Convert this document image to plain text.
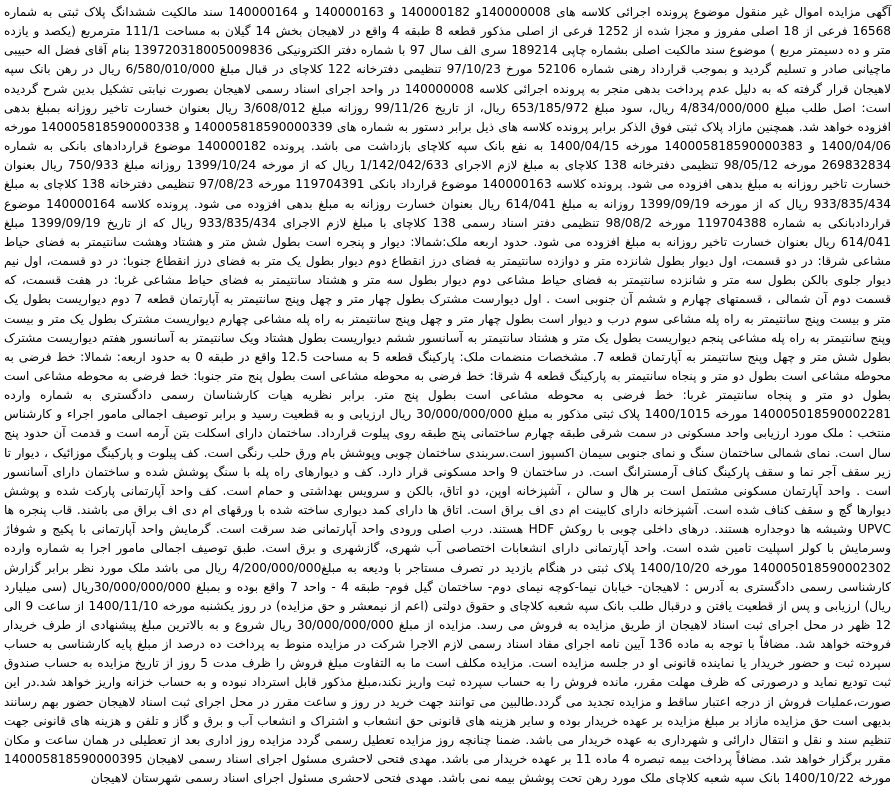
آگهی مزایده اموال غیر منقول موضوع پرونده اجرائی کلاسه های 140000008و 140000182 و 140000163 و 140000164 سند مالکیت ششدانگ پلاک ثبتی به شماره 16568 فرعی از 18 اصلی مفروز و مجزا شده از 1252 فرعی از اصلی مذکور قطعه 8 طبقه 4 واقع در لاهیجان بخش 14 گیلان به مساحت 111/1 مترمربع (یکصد و یازده متر و ده دسیمتر مربع ) موضوع سند مالکیت اصلی بشماره چاپی 189214 سری الف سال 97 با شماره دفتر الکترونیکی 139720318005009836 بنام آقای فضل اله حبیبی ماچیانی صادر و تسلیم گردید و بموجب قرارداد رهنی شماره 52106 مورخ 97/10/23 تنظیمی دفترخانه 122 کلاچای در قبال مبلغ 6/580/010/000 ریال در رهن بانک سپه لاهیجان قرار گرفته که به دلیل عدم پرداخت بدهی منجر به پرونده اجرائی کلاسه 140000008 در واحد اجرای اسناد رسمی لاهیجان بصورت نیابتی تشکیل بدین شرح گردیده است: اصل طلب مبلغ 4/834/000/000 ریال، سود مبلغ 653/185/972 ریال، از تاریخ 99/11/26 روزانه مبلغ 3/608/012 ریال بعنوان خسارت تاخیر روزانه بمبلغ بدهی افزوده خواهد شد. همچنین مازاد پلاک ثبتی فوق الذکر برابر پرونده کلاسه های ذیل برابر دستور به شماره های 140005818590000339 و 140005818590000338 مورخه 1400/04/06 و 140005818590000383 مورخه 1400/04/15 به نفع بانک سپه کلاچای بازداشت می باشد. پرونده 140000182 موضوع قراردادهای بانکی به شماره 269832834 مورخه 98/05/12 تنظیمی دفترخانه 138 کلاچای به مبلغ لازم الاجرای 1/142/042/633 ریال که از مورخه 1399/10/24 روزانه مبلغ 750/933 ریال بعنوان خسارت تاخیر روزانه به مبلغ بدهی افزوده می شود. پرونده کلاسه 140000163 موضوع قرارداد بانکی 119704391 مورخه 97/08/23 تنظیمی دفترخانه 138 کلاچای به مبلغ 933/835/434 ریال که از مورخه 1399/09/19 روزانه به مبلغ 614/041 ریال بعنوان خسارت روزانه به مبلغ بدهی افزوده می شود. پرونده کلاسه 140000164 موضوع قراردادبانکی به شماره 119704388 مورخه 98/08/2 تنظیمی دفتر اسناد رسمی 138 کلاچای با مبلغ لازم الاجرای 933/835/434 ریال که از تاریخ 1399/09/19 مبلغ 614/041 ریال بعنوان خسارت تاخیر روزانه به مبلغ افزوده می شود. حدود اربعه ملک:شمالا: دیوار و پنجره است بطول شش متر و هشتاد وهشت سانتیمتر به فضای حیاط مشاعی شرقا: در دو قسمت، اول دیوار بطول شانزده متر و دوازده سانتیمتر به فضای درز انقطاع دوم دیوار بطول یک متر به فضای درز انقطاع جنوبا: در دو قسمت، اول نیم دیوار جلوی بالکن بطول سه متر و شانزده سانتیمتر به فضای حیاط مشاعی دوم دیوار بطول سه متر و هشتاد سانتیمتر به فضای حیاط مشاعی غربا: در هفت قسمت، که قسمت دوم آن شمالی ، قسمتهای چهارم و ششم آن جنوبی است . اول دیوارست مشترک بطول چهار متر و چهل وپنج سانتیمتر به آپارتمان قطعه 7 دوم دیواریست بطول یک متر و بیست وپنج سانتیمتر به راه پله مشاعی سوم درب و دیوار است بطول چهار متر و چهل وپنج سانتیمتر به راه پله مشاعی چهارم دیواریست مشترک بطول یک متر و بیست وپنج سانتیمتر به راه پله مشاعی پنجم دیواریست بطول یک متر و هشتاد سانتیمتر به آسانسور ششم دیواریست بطول هشتاد ویک سانتیمتر به آسانسور هفتم دیواریست مشترک بطول شش متر و چهل وپنج سانتیمتر به آپارتمان قطعه 7. مشخصات منضمات ملک: پارکینگ قطعه 5 به مساحت 12.5 واقع در طبقه 0 به حدود اربعه: شمالا: خط فرضی به محوطه مشاعی است بطول دو متر و پنجاه سانتیمتر به پارکینگ قطعه 4 شرقا: خط فرضی به محوطه مشاعی است بطول پنج متر جنوبا: خط فرضی به محوطه مشاعی است بطول دو متر و پنجاه سانتیمتر غربا: خط فرضی به محوطه مشاعی است بطول پنج متر. برابر نظریه هیات کارشناسان رسمی دادگستری به شماره وارده 140005018590002281 مورخه 1400/1015 پلاک ثبتی مذکور به مبلغ 30/000/000/000 ریال ارزیابی و به قطعیت رسید و برابر توصیف اجمالی مامور اجراء و کارشناس منتخب : ملک مورد ارزیابی واحد مسکونی در سمت شرقی طبقه چهارم ساختمانی پنج طبقه روی پیلوت قرارداد. ساختمان دارای اسکلت بتن آرمه است و قدمت آن حدود پنج سال است. نمای شمالی ساختمان سنگ و نمای جنوبی سیمان اکسپوز است.سربندی ساختمان چوبی وپوشش بام ورق حلب رنگی است. کف پیلوت و پارکینگ موزائیک ، دیوار تا زیر سقف آجر نما و سقف پارکینگ کناف آرمسترانگ است. در ساختمان 9 واحد مسکونی قرار دارد. کف و دیوارهای راه پله با سنگ پوشش شده و ساختمان دارای آسانسور است . واحد آپارتمان مسکونی مشتمل است بر هال و سالن ، آشپزخانه اوپن، دو اتاق، بالکن و سرویس بهداشتی و حمام است. کف واحد آپارتمانی پارکت شده و پوشش دیوارها گچ و سقف کناف شده است. آشپزخانه دارای کابینت ام دی اف براق است. اتاق ها دارای کمد دیواری ساخته شده با ورقهای ام دی اف براق می باشند. قاب پنجره ها UPVC وشیشه ها دوجداره هستند. درهای داخلی چوبی با روکش HDF هستند. درب اصلی ورودی واحد آپارتمانی ضد سرقت است. گرمایش واحد آپارتمانی با پکیج و شوفاژ وسرمایش با کولر اسپلیت تامین شده است. واحد آپارتمانی دارای انشعابات اختصاصی آب شهری، گازشهری و برق است. طبق توصیف اجمالی مامور اجرا به شماره وارده 140005018590002302 مورخه 1400/10/20 پلاک ثبتی در هنگام بازدید در تصرف مستاجر با ودیعه به مبلغ4/200/000/000 ریال می باشد ملک مورد نظر برابر گزارش کارشناسی رسمی دادگستری به آدرس : لاهیجان- خیابان نیما-کوچه نیمای دوم- ساختمان گیل فوم- طبقه 4 - واحد 7 واقع بوده و بمبلغ 30/000/000/000ریال (سی میلیارد ریال) ارزیابی و پس از قطعیت یافتن و درقبال طلب بانک سپه شعبه کلاچای و حقوق دولتی (اعم از نیمعشر و حق مزایده) در روز یکشنبه مورخه 1400/11/10 از ساعت 9 الی 12 ظهر در محل اجرای ثبت اسناد لاهیجان از طریق مزایده به فروش می رسد. مزایده از مبلغ 30/000/000/000 ریال شروع و به بالاترین مبلغ پیشنهادی از طرف خریدار فروخته خواهد شد. مضافاً با توجه به ماده 136 آیین نامه اجرای مفاد اسناد رسمی لازم الاجرا شرکت در مزایده منوط به پرداخت ده درصد از مبلغ پایه کارشناسی به حساب سپرده ثبت و حضور خریدار یا نماینده قانونی او در جلسه مزایده است. مزایده مکلف است ما به التفاوت مبلغ فروش را ظرف مدت 5 روز از تاریخ مزایده به حساب صندوق ثبت تودیع نماید و درصورتی که ظرف مهلت مقرر، مانده فروش را به حساب سپرده ثبت واریز نکند،مبلغ مذکور قابل استرداد نبوده و به حساب خزانه واریز خواهد شد.در این صورت،عملیات فروش از درجه اعتبار ساقط و مزایده تجدید می گردد.طالبین می توانند جهت خرید در روز و ساعت مقرر در محل اجرای ثبت اسناد لاهیجان حضور بهم رسانند بدیهی است حق مزایده مازاد بر مبلغ مزایده بر عهده خریدار بوده و سایر هزینه های قانونی حق انشعاب و اشتراک و انشعاب آب و برق و گاز و تلفن و هزینه های قانونی جهت تنظیم سند و نقل و انتقال دارائی و شهرداری به عهده خریدار می باشد. ضمنا چنانچه روز مزایده تعطیل رسمی گردد مزایده روز اداری بعد از تعطیلی در همان ساعت و مکان مقرر برگزار خواهد شد. مضافاً پرداخت بیمه تبصره 4 ماده 11 بر عهده خریدار می باشد. مهدی فتحی لاحشری مسئول اجرای اسناد رسمی لاهیجان 140005818590000395 مورخه 1400/10/22 بانک سپه شعبه کلاچای ملک مورد رهن تحت پوشش بیمه نمی باشد. مهدی فتحی لاحشری مسئول اجرای اسناد رسمی شهرستان لاهیجان
